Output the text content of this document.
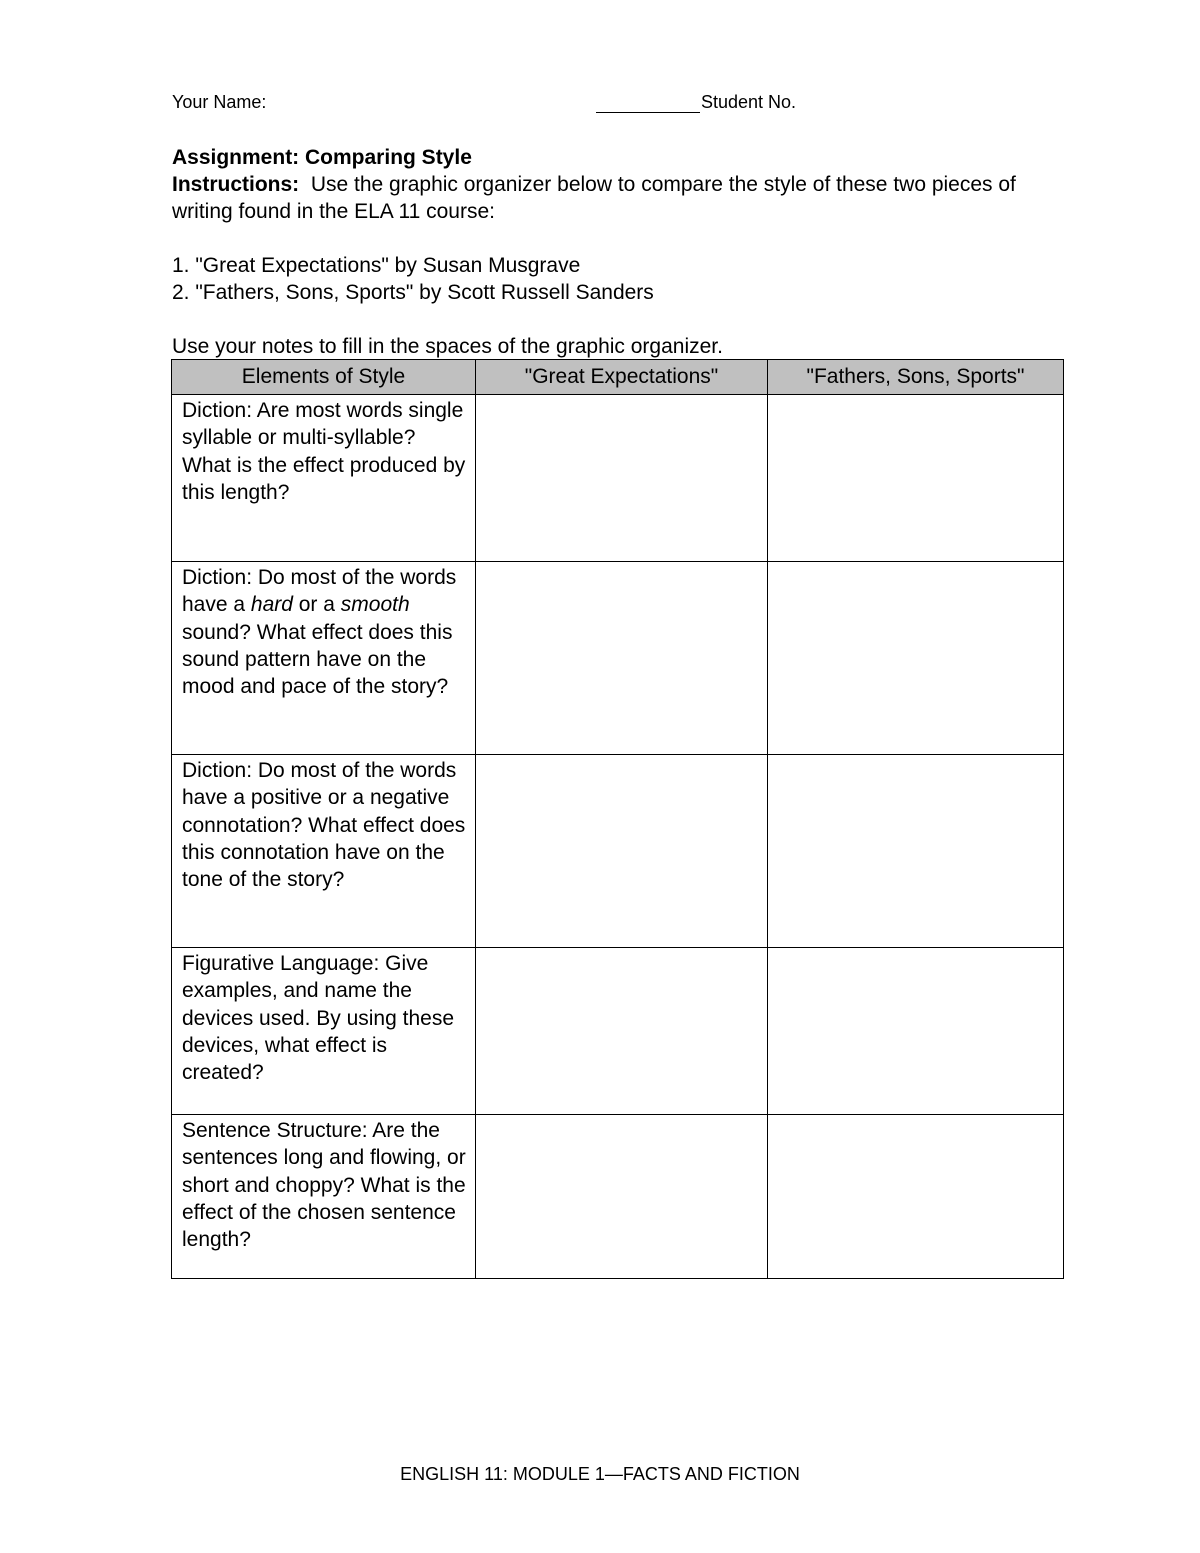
Your Name:	Student No.
Assignment: Comparing Style
Instructions:  Use the graphic organizer below to compare the style of these two pieces of writing found in the ELA 11 course:
1. "Great Expectations" by Susan Musgrave
2. "Fathers, Sons, Sports" by Scott Russell Sanders
Use your notes to fill in the spaces of the graphic organizer.
Elements of Style	"Great Expectations"	"Fathers, Sons, Sports"
Diction: Are most words single syllable or multi-syllable? What is the effect produced by this length?		
Diction: Do most of the words have a hard or a smooth sound? What effect does this sound pattern have on the mood and pace of the story?		
Diction: Do most of the words have a positive or a negative connotation? What effect does this connotation have on the tone of the story?		
Figurative Language: Give examples, and name the devices used. By using these devices, what effect is created?		
Sentence Structure: Are the sentences long and flowing, or short and choppy? What is the effect of the chosen sentence length?		
ENGLISH 11: MODULE 1—FACTS AND FICTION
